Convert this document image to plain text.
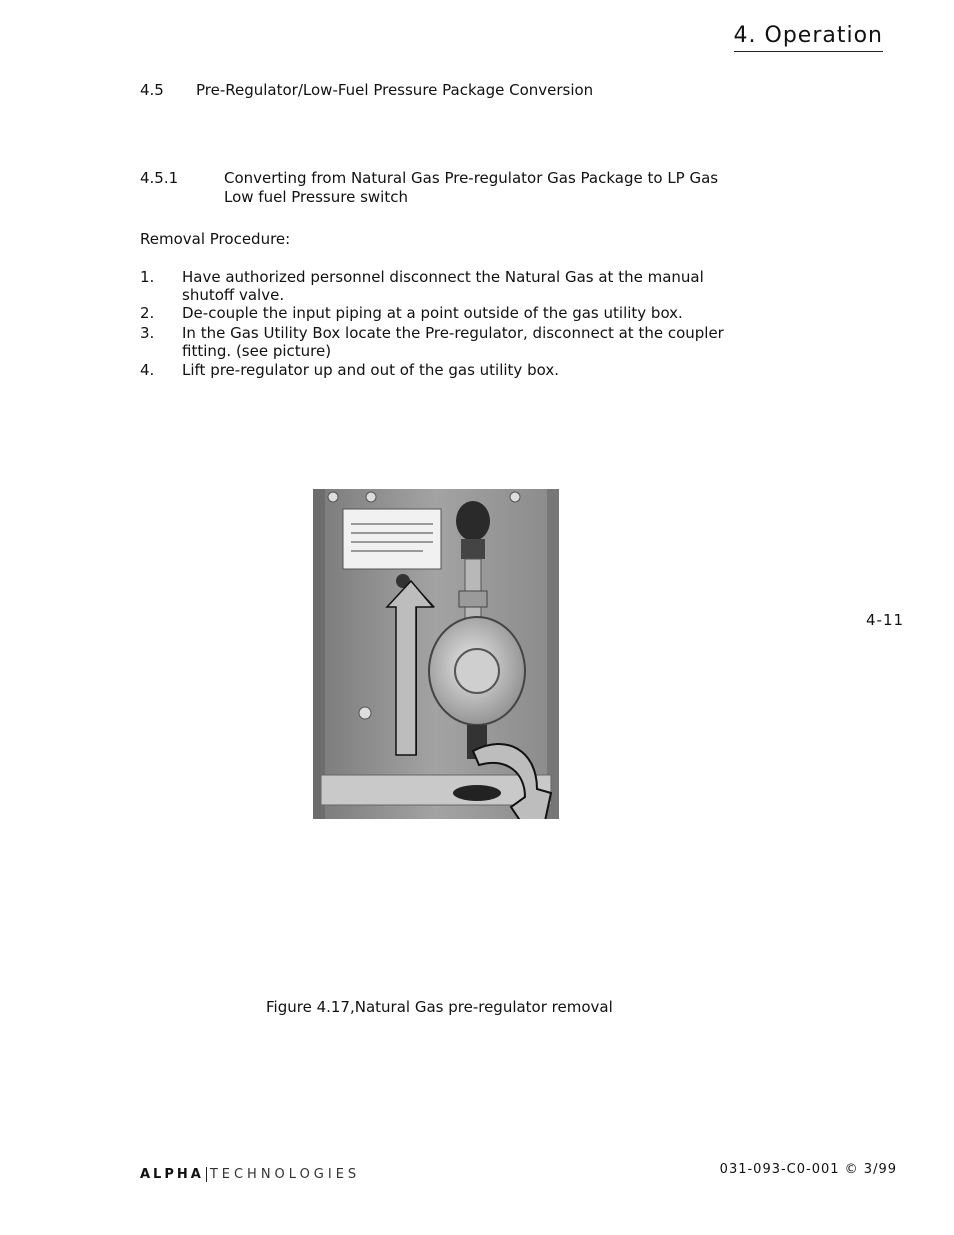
4. Operation
4.5 Pre-Regulator/Low-Fuel Pressure Package Conversion
4.5.1	Converting from Natural Gas Pre-regulator Gas Package to LP Gas
Low fuel Pressure switch
Removal Procedure:
1.	Have authorized personnel disconnect the Natural Gas at the manual
shutoff valve.
2.	De-couple the input piping at a point outside of the gas utility box.
3.	In the Gas Utility Box locate the Pre-regulator, disconnect at the coupler
fitting. (see picture)
4.	Lift pre-regulator up and out of the gas utility box.
Figure 4.17,Natural Gas pre-regulator removal
4-11
ALPHA TECHNOLOGIES	031-093-C0-001 © 3/99
